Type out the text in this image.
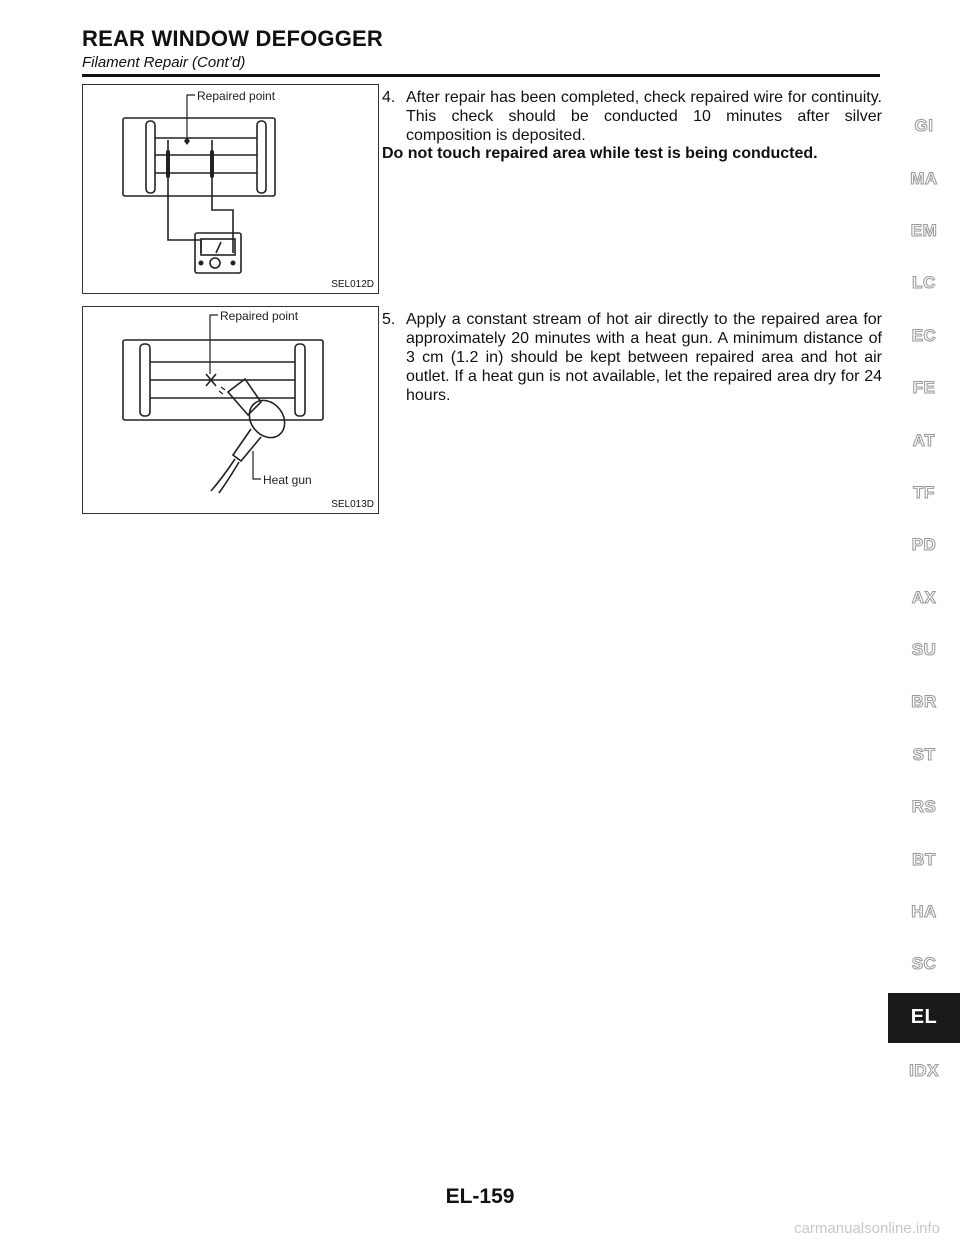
REAR WINDOW DEFOGGER
Filament Repair (Cont’d)
Repaired point
SEL012D
4. After repair has been completed, check repaired wire for continuity. This check should be conducted 10 minutes after silver composition is deposited.
Do not touch repaired area while test is being conducted.
Repaired point
Heat gun
SEL013D
5. Apply a constant stream of hot air directly to the repaired area for approximately 20 minutes with a heat gun. A minimum distance of 3 cm (1.2 in) should be kept between repaired area and hot air outlet. If a heat gun is not available, let the repaired area dry for 24 hours.
GI
MA
EM
LC
EC
FE
AT
TF
PD
AX
SU
BR
ST
RS
BT
HA
SC
EL
IDX
EL-159
carmanualsonline.info
